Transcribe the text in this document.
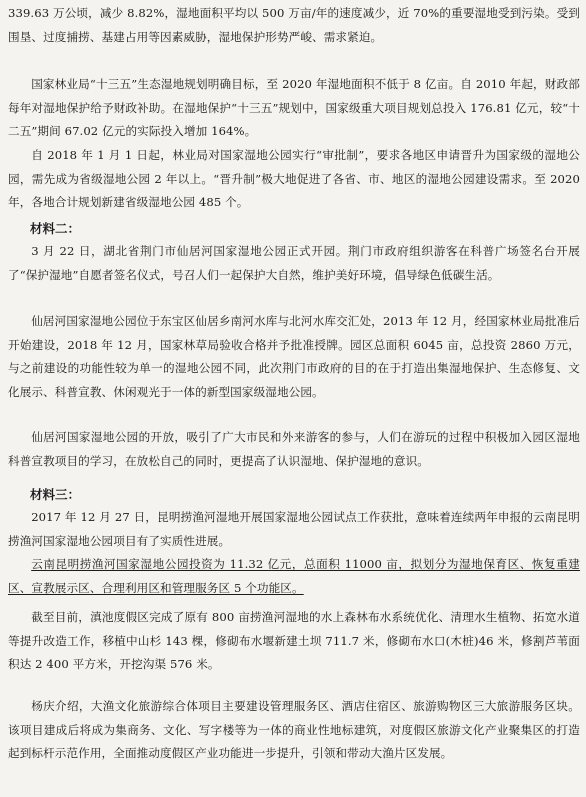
339.63 万公顷，减少 8.82%，湿地面积平均以 500 万亩/年的速度减少，近 70%的重要湿地受到污染。受到围垦、过度捕捞、基建占用等因素威胁，湿地保护形势严峻、需求紧迫。

国家林业局“十三五”生态湿地规划明确目标，至 2020 年湿地面积不低于 8 亿亩。自 2010 年起，财政部每年对湿地保护给予财政补助。在湿地保护“十三五”规划中，国家级重大项目规划总投入 176.81 亿元，较“十二五”期间 67.02 亿元的实际投入增加 164%。

自 2018 年 1 月 1 日起，林业局对国家湿地公园实行“审批制”，要求各地区申请晋升为国家级的湿地公园，需先成为省级湿地公园 2 年以上。“晋升制”极大地促进了各省、市、地区的湿地公园建设需求。至 2020 年，各地合计规划新建省级湿地公园 485 个。

材料二：

3 月 22 日，湖北省荆门市仙居河国家湿地公园正式开园。荆门市政府组织游客在科普广场签名台开展了“保护湿地”自愿者签名仪式，号召人们一起保护大自然，维护美好环境，倡导绿色低碳生活。

仙居河国家湿地公园位于东宝区仙居乡南河水库与北河水库交汇处，2013 年 12 月，经国家林业局批准后开始建设，2018 年 12 月，国家林草局验收合格并予批准授牌。园区总面积 6045 亩，总投资 2860 万元，与之前建设的功能性较为单一的湿地公园不同，此次荆门市政府的目的在于打造出集湿地保护、生态修复、文化展示、科普宣教、休闲观光于一体的新型国家级湿地公园。

仙居河国家湿地公园的开放，吸引了广大市民和外来游客的参与，人们在游玩的过程中积极加入园区湿地科普宣教项目的学习，在放松自己的同时，更提高了认识湿地、保护湿地的意识。

材料三：

2017 年 12 月 27 日，昆明捞渔河湿地开展国家湿地公园试点工作获批，意味着连续两年申报的云南昆明捞渔河国家湿地公园项目有了实质性进展。

云南昆明捞渔河国家湿地公园投资为 11.32 亿元，总面积 11000 亩，拟划分为湿地保育区、恢复重建区、宣教展示区、合理利用区和管理服务区 5 个功能区。

截至目前，滇池度假区完成了原有 800 亩捞渔河湿地的水上森林布水系统优化、清理水生植物、拓宽水道等提升改造工作，移植中山杉 143 棵，修砌布水堰新建土坝 711.7 米，修砌布水口(木桩)46 米，修割芦苇面积达 2 400 平方米，开挖沟渠 576 米。

杨庆介绍，大渔文化旅游综合体项目主要建设管理服务区、酒店住宿区、旅游购物区三大旅游服务区块。该项目建成后将成为集商务、文化、写字楼等为一体的商业性地标建筑，对度假区旅游文化产业聚集区的打造起到标杆示范作用，全面推动度假区产业功能进一步提升，引领和带动大渔片区发展。
